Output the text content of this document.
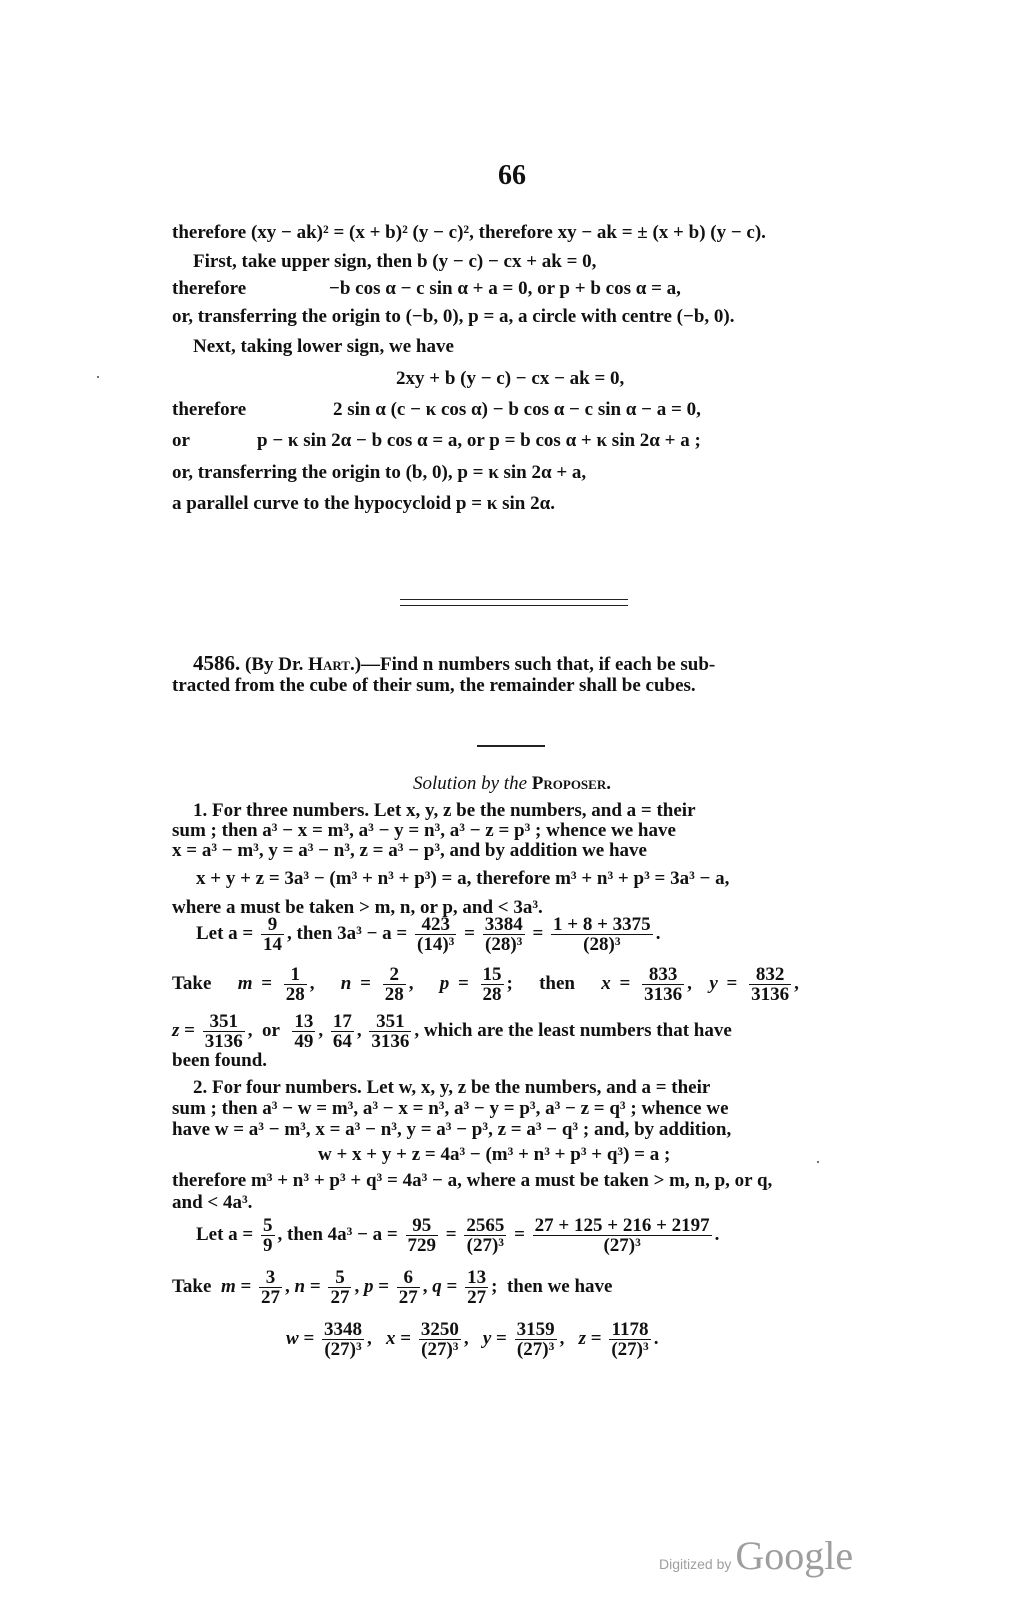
66
therefore (xy − ak)² = (x + b)² (y − c)², therefore xy − ak = ± (x + b) (y − c).
First, take upper sign, then b (y − c) − cx + ak = 0,
therefore	−b cos α − c sin α + a = 0, or p + b cos α = a,
or, transferring the origin to (−b, 0), p = a, a circle with centre (−b, 0).
Next, taking lower sign, we have
2xy + b (y − c) − cx − ak = 0,
therefore	2 sin α (c − κ cos α) − b cos α − c sin α − a = 0,
or	p − κ sin 2α − b cos α = a, or p = b cos α + κ sin 2α + a ;
or, transferring the origin to (b, 0), p = κ sin 2α + a,
a parallel curve to the hypocycloid p = κ sin 2α.
4586. (By Dr. Hart.)—Find n numbers such that, if each be sub-
tracted from the cube of their sum, the remainder shall be cubes.
Solution by the Proposer.
1. For three numbers. Let x, y, z be the numbers, and a = their
sum ; then a³ − x = m³, a³ − y = n³, a³ − z = p³ ; whence we have
x = a³ − m³, y = a³ − n³, z = a³ − p³, and by addition we have
x + y + z = 3a³ − (m³ + n³ + p³) = a, therefore m³ + n³ + p³ = 3a³ − a,
where a must be taken > m, n, or p, and < 3a³.
Let $a = \frac{9}{14}$ , then $3a^3 - a = \frac{423}{\text{(14)³}} = \frac{3384}{\text{(28)³}} = \frac{1 + 8 + 3375}{\text{(28)³}}$ .
Take $m = \frac{1}{28}$ ,   $n = \frac{2}{28}$ ,   $p = \frac{15}{28}$ ;   then $x = \frac{833}{3136}$ ,  $y = \frac{832}{3136}$ ,
$z = \frac{351}{3136}$ ,  or $\frac{13}{49}$ , $\frac{17}{64}$ , $\frac{351}{3136}$ , which are the least numbers that have
been found.
2. For four numbers. Let w, x, y, z be the numbers, and a = their
sum ; then a³ − w = m³, a³ − x = n³, a³ − y = p³, a³ − z = q³ ; whence we
have w = a³ − m³, x = a³ − n³, y = a³ − p³, z = a³ − q³ ; and, by addition,
w + x + y + z = 4a³ − (m³ + n³ + p³ + q³) = a ;
therefore m³ + n³ + p³ + q³ = 4a³ − a, where a must be taken > m, n, p, or q,
and < 4a³.
Let $a = \frac{5}{9}$ , then $4a^3 - a = \frac{95}{729} = \frac{2565}{\text{(27)³}} = \frac{27 + 125 + 216 + 2197}{\text{(27)³}}$ .
Take $m = \frac{3}{27}$ , $n = \frac{5}{27}$ , $p = \frac{6}{27}$ , $q = \frac{13}{27}$ ;  then we have
$w = \frac{3348}{\text{(27)³}}$ ,   $x = \frac{3250}{\text{(27)³}}$ ,   $y = \frac{3159}{\text{(27)³}}$ ,   $z = \frac{1178}{\text{(27)³}}$ .
Digitized by Google
